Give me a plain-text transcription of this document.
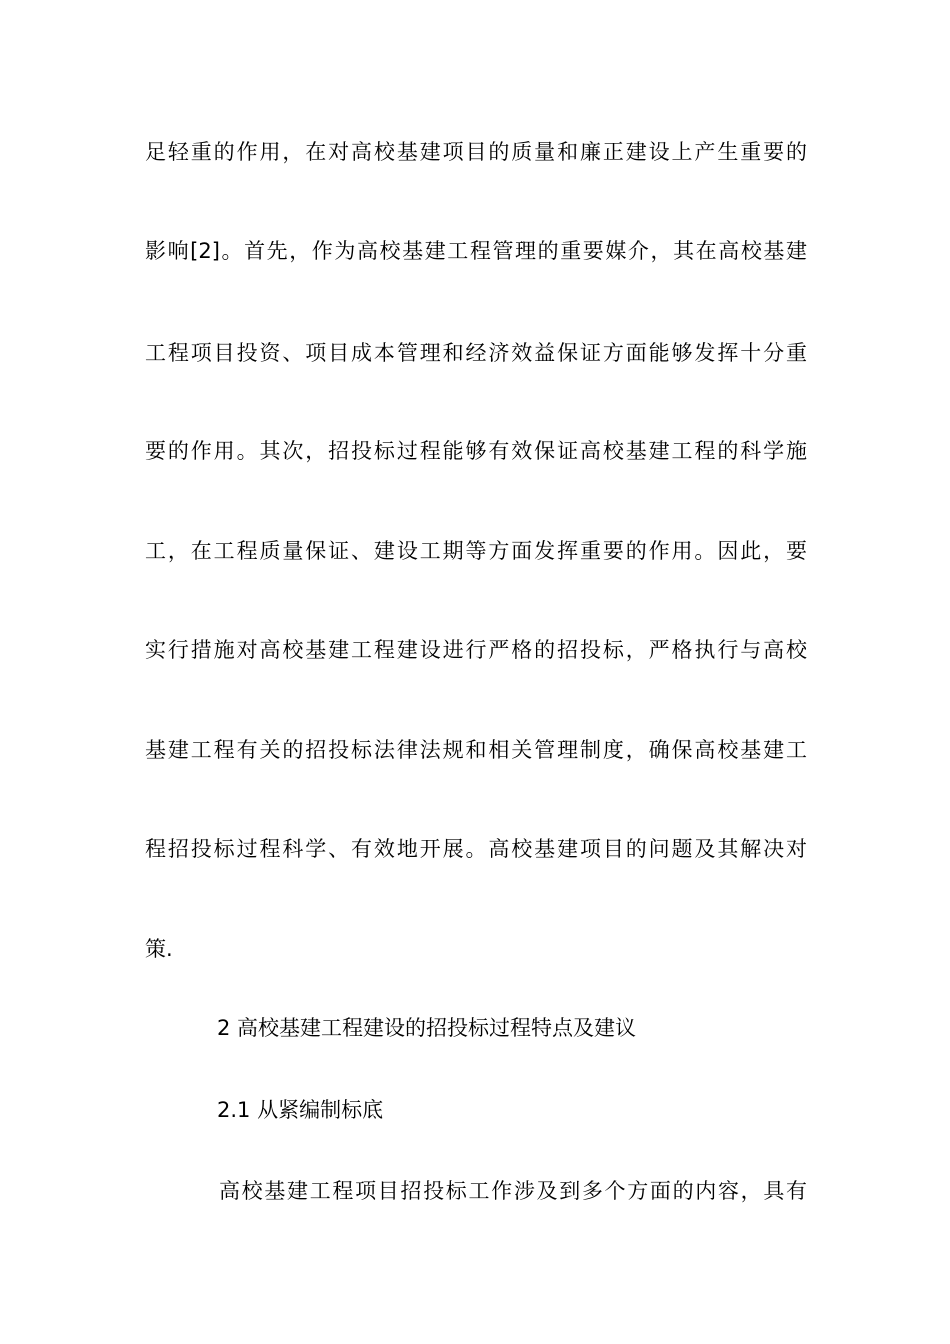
足轻重的作用，在对高校基建项目的质量和廉正建设上产生重要的
影响[2]。首先，作为高校基建工程管理的重要媒介，其在高校基建
工程项目投资、项目成本管理和经济效益保证方面能够发挥十分重
要的作用。其次，招投标过程能够有效保证高校基建工程的科学施
工，在工程质量保证、建设工期等方面发挥重要的作用。因此，要
实行措施对高校基建工程建设进行严格的招投标，严格执行与高校
基建工程有关的招投标法律法规和相关管理制度，确保高校基建工
程招投标过程科学、有效地开展。高校基建项目的问题及其解决对
策.
2 高校基建工程建设的招投标过程特点及建议
2.1 从紧编制标底
高校基建工程项目招投标工作涉及到多个方面的内容，具有
